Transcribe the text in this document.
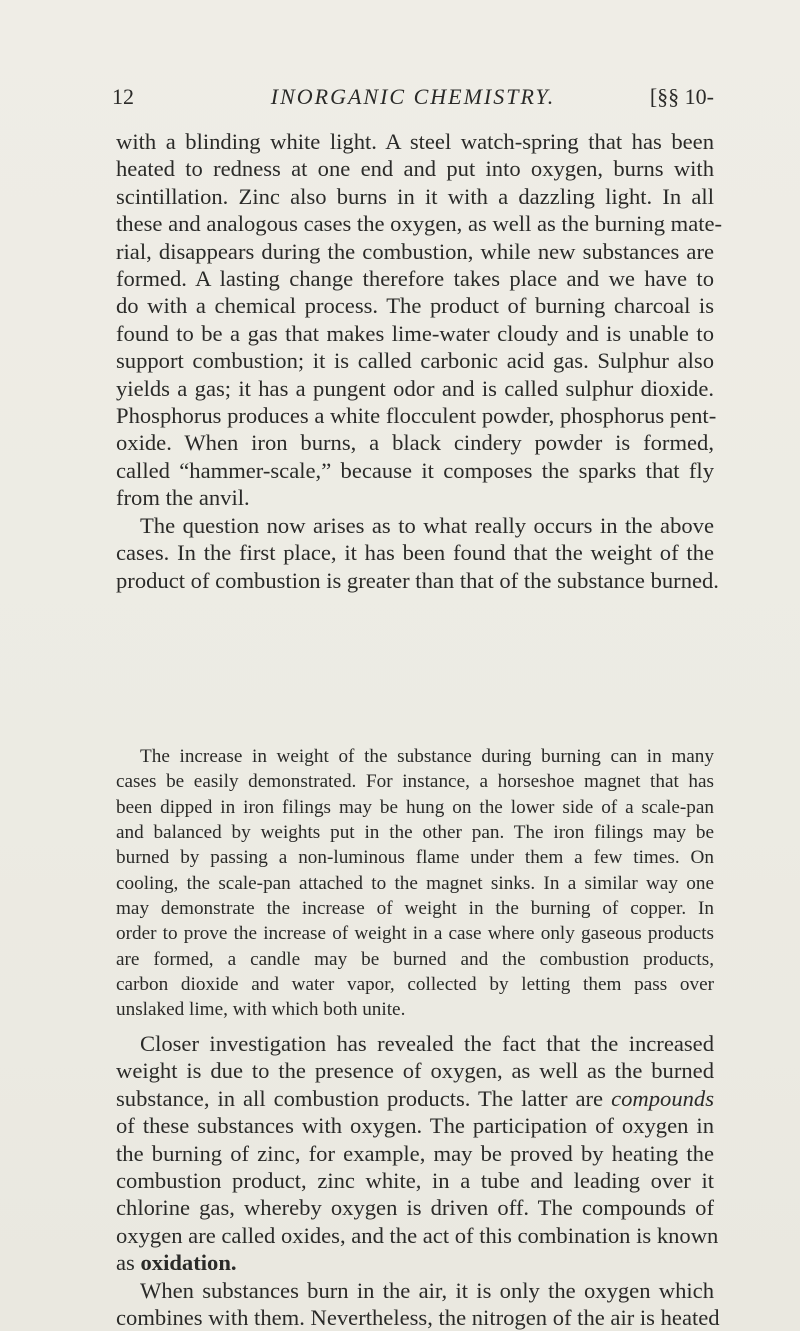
12	INORGANIC CHEMISTRY.	[§§ 10-
with a blinding white light. A steel watch-spring that has been
heated to redness at one end and put into oxygen, burns with
scintillation. Zinc also burns in it with a dazzling light. In all
these and analogous cases the oxygen, as well as the burning mate-
rial, disappears during the combustion, while new substances are
formed. A lasting change therefore takes place and we have to
do with a chemical process. The product of burning charcoal is
found to be a gas that makes lime-water cloudy and is unable to
support combustion; it is called carbonic acid gas. Sulphur also
yields a gas; it has a pungent odor and is called sulphur dioxide.
Phosphorus produces a white flocculent powder, phosphorus pent-
oxide. When iron burns, a black cindery powder is formed,
called “hammer-scale,” because it composes the sparks that fly
from the anvil.
The question now arises as to what really occurs in the above
cases. In the first place, it has been found that the weight of the
product of combustion is greater than that of the substance burned.
The increase in weight of the substance during burning can in many
cases be easily demonstrated. For instance, a horseshoe magnet that has
been dipped in iron filings may be hung on the lower side of a scale-pan
and balanced by weights put in the other pan. The iron filings may be
burned by passing a non-luminous flame under them a few times. On
cooling, the scale-pan attached to the magnet sinks. In a similar way one
may demonstrate the increase of weight in the burning of copper. In
order to prove the increase of weight in a case where only gaseous products
are formed, a candle may be burned and the combustion products,
carbon dioxide and water vapor, collected by letting them pass over
unslaked lime, with which both unite.
Closer investigation has revealed the fact that the increased
weight is due to the presence of oxygen, as well as the burned
substance, in all combustion products. The latter are compounds
of these substances with oxygen. The participation of oxygen in
the burning of zinc, for example, may be proved by heating the
combustion product, zinc white, in a tube and leading over it
chlorine gas, whereby oxygen is driven off. The compounds of
oxygen are called oxides, and the act of this combination is known
as oxidation.
When substances burn in the air, it is only the oxygen which
combines with them. Nevertheless, the nitrogen of the air is heated
